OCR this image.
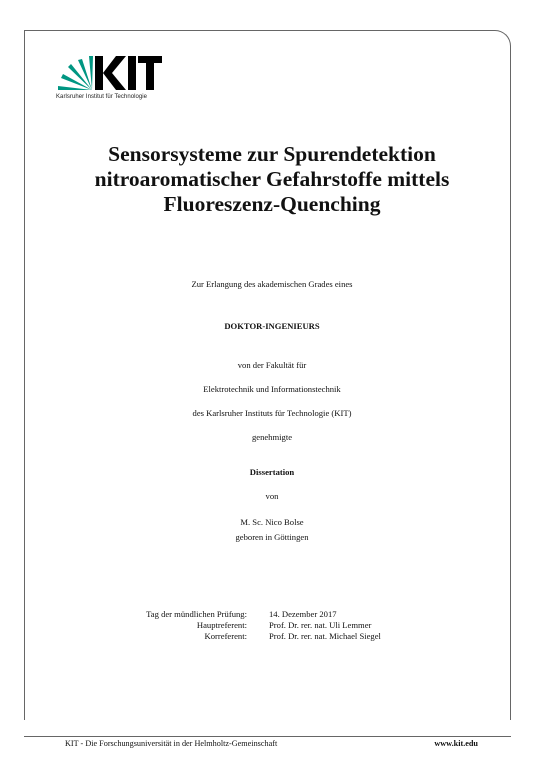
Karlsruher Institut für Technologie
Sensorsysteme zur Spurendetektion
nitroaromatischer Gefahrstoffe mittels
Fluoreszenz-Quenching
Zur Erlangung des akademischen Grades eines
DOKTOR-INGENIEURS
von der Fakultät für
Elektrotechnik und Informationstechnik
des Karlsruher Instituts für Technologie (KIT)
genehmigte
Dissertation
von
M. Sc. Nico Bolse
geboren in Göttingen
Tag der mündlichen Prüfung:	14. Dezember 2017
Hauptreferent:	Prof. Dr. rer. nat. Uli Lemmer
Korreferent:	Prof. Dr. rer. nat. Michael Siegel
KIT - Die Forschungsuniversität in der Helmholtz-Gemeinschaft	www.kit.edu
